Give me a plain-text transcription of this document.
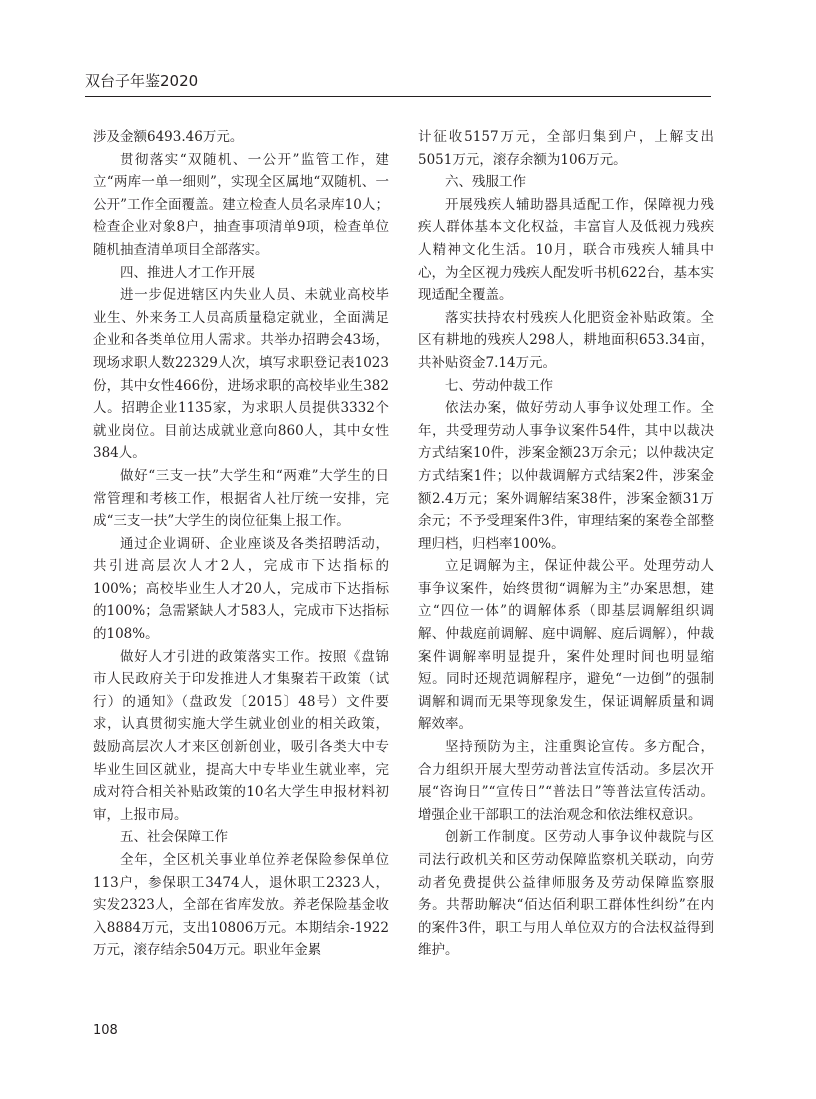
双台子年鉴2020

涉及金额6493.46万元。

贯彻落实“双随机、一公开”监管工作，建立“两库一单一细则”，实现全区属地“双随机、一公开”工作全面覆盖。建立检查人员名录库10人；检查企业对象8户，抽查事项清单9项，检查单位随机抽查清单项目全部落实。

四、推进人才工作开展

进一步促进辖区内失业人员、未就业高校毕业生、外来务工人员高质量稳定就业，全面满足企业和各类单位用人需求。共举办招聘会43场，现场求职人数22329人次，填写求职登记表1023份，其中女性466份，进场求职的高校毕业生382人。招聘企业1135家，为求职人员提供3332个就业岗位。目前达成就业意向860人，其中女性384人。

做好“三支一扶”大学生和“两难”大学生的日常管理和考核工作，根据省人社厅统一安排，完成“三支一扶”大学生的岗位征集上报工作。

通过企业调研、企业座谈及各类招聘活动，共引进高层次人才2人，完成市下达指标的100%；高校毕业生人才20人，完成市下达指标的100%；急需紧缺人才583人，完成市下达指标的108%。

做好人才引进的政策落实工作。按照《盘锦市人民政府关于印发推进人才集聚若干政策（试行）的通知》（盘政发〔2015〕48号）文件要求，认真贯彻实施大学生就业创业的相关政策，鼓励高层次人才来区创新创业，吸引各类大中专毕业生回区就业，提高大中专毕业生就业率，完成对符合相关补贴政策的10名大学生申报材料初审，上报市局。

五、社会保障工作

全年，全区机关事业单位养老保险参保单位113户，参保职工3474人，退休职工2323人，实发2323人，全部在省库发放。养老保险基金收入8884万元，支出10806万元。本期结余-1922万元，滚存结余504万元。职业年金累

计征收5157万元，全部归集到户，上解支出5051万元，滚存余额为106万元。

六、残服工作

开展残疾人辅助器具适配工作，保障视力残疾人群体基本文化权益，丰富盲人及低视力残疾人精神文化生活。10月，联合市残疾人辅具中心，为全区视力残疾人配发听书机622台，基本实现适配全覆盖。

落实扶持农村残疾人化肥资金补贴政策。全区有耕地的残疾人298人，耕地面积653.34亩，共补贴资金7.14万元。

七、劳动仲裁工作

依法办案，做好劳动人事争议处理工作。全年，共受理劳动人事争议案件54件，其中以裁决方式结案10件，涉案金额23万余元；以仲裁决定方式结案1件；以仲裁调解方式结案2件，涉案金额2.4万元；案外调解结案38件，涉案金额31万余元；不予受理案件3件，审理结案的案卷全部整理归档，归档率100%。

立足调解为主，保证仲裁公平。处理劳动人事争议案件，始终贯彻“调解为主”办案思想，建立“四位一体”的调解体系（即基层调解组织调解、仲裁庭前调解、庭中调解、庭后调解），仲裁案件调解率明显提升，案件处理时间也明显缩短。同时还规范调解程序，避免“一边倒”的强制调解和调而无果等现象发生，保证调解质量和调解效率。

坚持预防为主，注重舆论宣传。多方配合，合力组织开展大型劳动普法宣传活动。多层次开展“咨询日”“宣传日”“普法日”等普法宣传活动。增强企业干部职工的法治观念和依法维权意识。

创新工作制度。区劳动人事争议仲裁院与区司法行政机关和区劳动保障监察机关联动，向劳动者免费提供公益律师服务及劳动保障监察服务。共帮助解决“佰达佰利职工群体性纠纷”在内的案件3件，职工与用人单位双方的合法权益得到维护。

108
